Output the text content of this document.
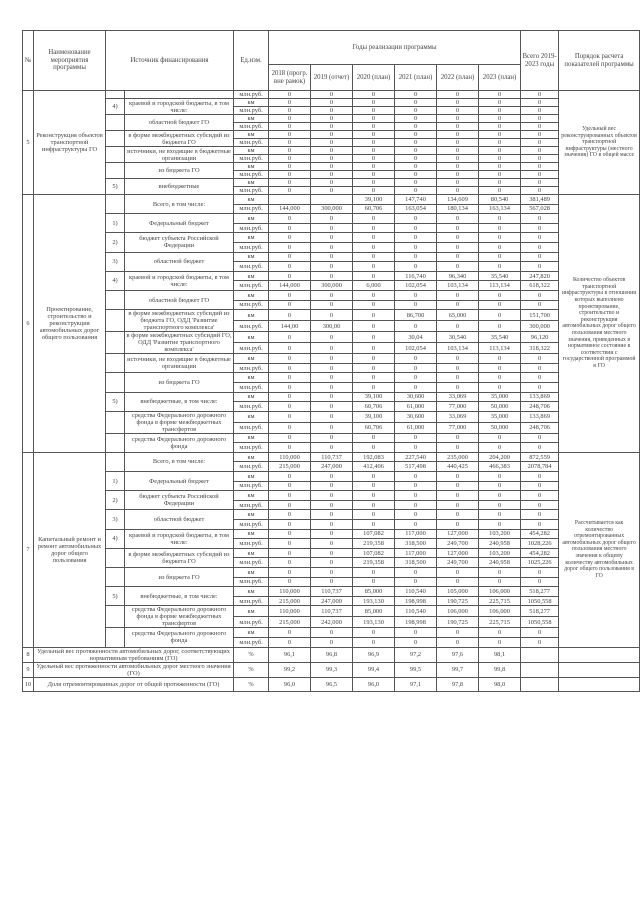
№	Наименование мероприятия программы	Источник финансирования		Ед.изм.	Годы реализации программы						Всего 2019-2023 годы	Порядок расчета показателей программы
					2018 (прогр. вне рамок)	2019 (отчет)	2020 (план)	2021 (план)	2022 (план)	2023 (план)		
5	Реконструкция объектов транспортной инфраструктуры ГО			млн.руб.	0	0	0	0	0	0	0	Удельный вес реконструированных объектов транспортной инфраструктуры (местного значения) ГО в общей массе
		4)	краевой и городской бюджеты, в том числе:	км	0	0	0	0	0	0	0	
				млн.руб.	0	0	0	0	0	0	0	
			областной бюджет ГО	км	0	0	0	0	0	0	0	
				млн.руб.	0	0	0	0	0	0	0	
			в форме межбюджетных субсидий из бюджета ГО	км	0	0	0	0	0	0	0	
				млн.руб.	0	0	0	0	0	0	0	
			источники, не входящие в бюджетные организации	км	0	0	0	0	0	0	0	
				млн.руб.	0	0	0	0	0	0	0	
			из бюджета ГО	км	0	0	0	0	0	0	0	
				млн.руб.	0	0	0	0	0	0	0	
		5)	внебюджетные	км	0	0	0	0	0	0	0	
				млн.руб.	0	0	0	0	0	0	0	
6	Проектирование, строительство и реконструкция автомобильных дорог общего пользования		Всего, в том числе:	км			39,100	147,740	134,609	80,540	381,489	Количество объектов транспортной инфраструктуры в отношении которых выполнено проектирование, строительство и реконструкция автомобильных дорог общего пользования местного значения, приведенных в нормативное состояние в соответствии с государственной программой в ГО
				млн.руб.	144,000	300,000	60,706	163,054	180,134	163,134	567,028	
		1)	Федеральный бюджет	км	0	0	0	0	0	0	0	
				млн.руб.	0	0	0	0	0	0	0	
		2)	бюджет субъекта Российской Федерации	км	0	0	0	0	0	0	0	
				млн.руб.	0	0	0	0	0	0	0	
		3)	областной бюджет	км	0	0	0	0	0	0	0	
				млн.руб.	0	0	0	0	0	0	0	
		4)	краевой и городской бюджеты, в том числе:	км	0	0	0	116,740	96,340	35,540	247,820	
				млн.руб.	144,000	300,000	6,000	102,054	103,134	113,134	618,322	
			областной бюджет ГО	км	0	0	0	0	0	0	0	
				млн.руб.	0	0	0	0	0	0	0	
			в форме межбюджетных субсидий из бюджета ГО, ОДД 'Развитие транспортного комплекса'	км	0	0	0	86,700	65,000	0	151,700	
				млн.руб.	144,00	300,00	0	0	0	0	300,000	
			в форме межбюджетных субсидий ГО, ОДД 'Развитие транспортного комплекса'	км	0	0	0	30,04	30,540	35,540	96,120	
				млн.руб.	0	0	0	102,054	103,134	113,134	318,322	
			источники, не входящие в бюджетные организации	км	0	0	0	0	0	0	0	
				млн.руб.	0	0	0	0	0	0	0	
			из бюджета ГО	км	0	0	0	0	0	0	0	
				млн.руб.	0	0	0	0	0	0	0	
		5)	внебюджетные, в том числе:	км	0	0	39,100	30,600	33,069	35,000	133,869	
				млн.руб.	0	0	60,706	61,000	77,000	50,000	248,706	
			средства Федерального дорожного фонда в форме межбюджетных трансфертов	км	0	0	39,100	30,600	33,069	35,000	133,869	
				млн.руб.	0	0	60,706	61,000	77,000	50,000	248,706	
			средства Федерального дорожного фонда	км	0	0	0	0	0	0	0	
				млн.руб.	0	0	0	0	0	0	0	
7	Капитальный ремонт и ремонт автомобильных дорог общего пользования		Всего, в том числе:	км	110,000	110,737	192,083	227,540	235,000	204,200	872,559	Рассчитывается как количество отремонтированных автомобильных дорог общего пользования местного значения к общему количеству автомобильных дорог общего пользования в ГО
				млн.руб.	215,000	247,000	412,406	517,498	440,425	466,383	2078,784	
		1)	Федеральный бюджет	км	0	0	0	0	0	0	0	
				млн.руб.	0	0	0	0	0	0	0	
		2)	бюджет субъекта Российской Федерации	км	0	0	0	0	0	0	0	
				млн.руб.	0	0	0	0	0	0	0	
		3)	областной бюджет	км	0	0	0	0	0	0	0	
				млн.руб.	0	0	0	0	0	0	0	
		4)	краевой и городской бюджеты, в том числе:	км	0	0	107,082	117,000	127,000	103,200	454,282	
				млн.руб.	0	0	219,358	318,500	249,700	240,958	1028,226	
			в форме межбюджетных субсидий из бюджета ГО	км	0	0	107,082	117,000	127,000	103,200	454,282	
				млн.руб.	0	0	219,358	318,500	249,700	240,958	1025,226	
			из бюджета ГО	км	0	0	0	0	0	0	0	
				млн.руб.	0	0	0	0	0	0	0	
		5)	внебюджетные, в том числе:	км	110,000	110,737	85,000	110,540	105,000	106,000	518,277	
				млн.руб.	215,000	247,000	193,130	198,998	190,725	225,715	1050,558	
			средства Федерального дорожного фонда в форме межбюджетных трансфертов	км	110,000	110,737	85,000	110,540	106,000	106,000	518,277	
				млн.руб.	215,000	242,000	193,130	198,998	190,725	225,715	1050,558	
			средства Федерального дорожного фонда	км	0	0	0	0	0	0	0	
				млн.руб.	0	0	0	0	0	0	0	
8	Удельный вес протяженности автомобильных дорог, соответствующих нормативным требованиям (ГО)			%	96,1	96,8	96,9	97,2	97,6	98,1		
9	Удельный вес протяженности автомобильных дорог местного значения (ГО)			%	99,2	99,3	99,4	99,5	99,7	99,8		
10	Доля отремонтированных дорог от общей протяженности (ГО)			%	96,0	96,5	96,0	97,1	97,8	98,0		
